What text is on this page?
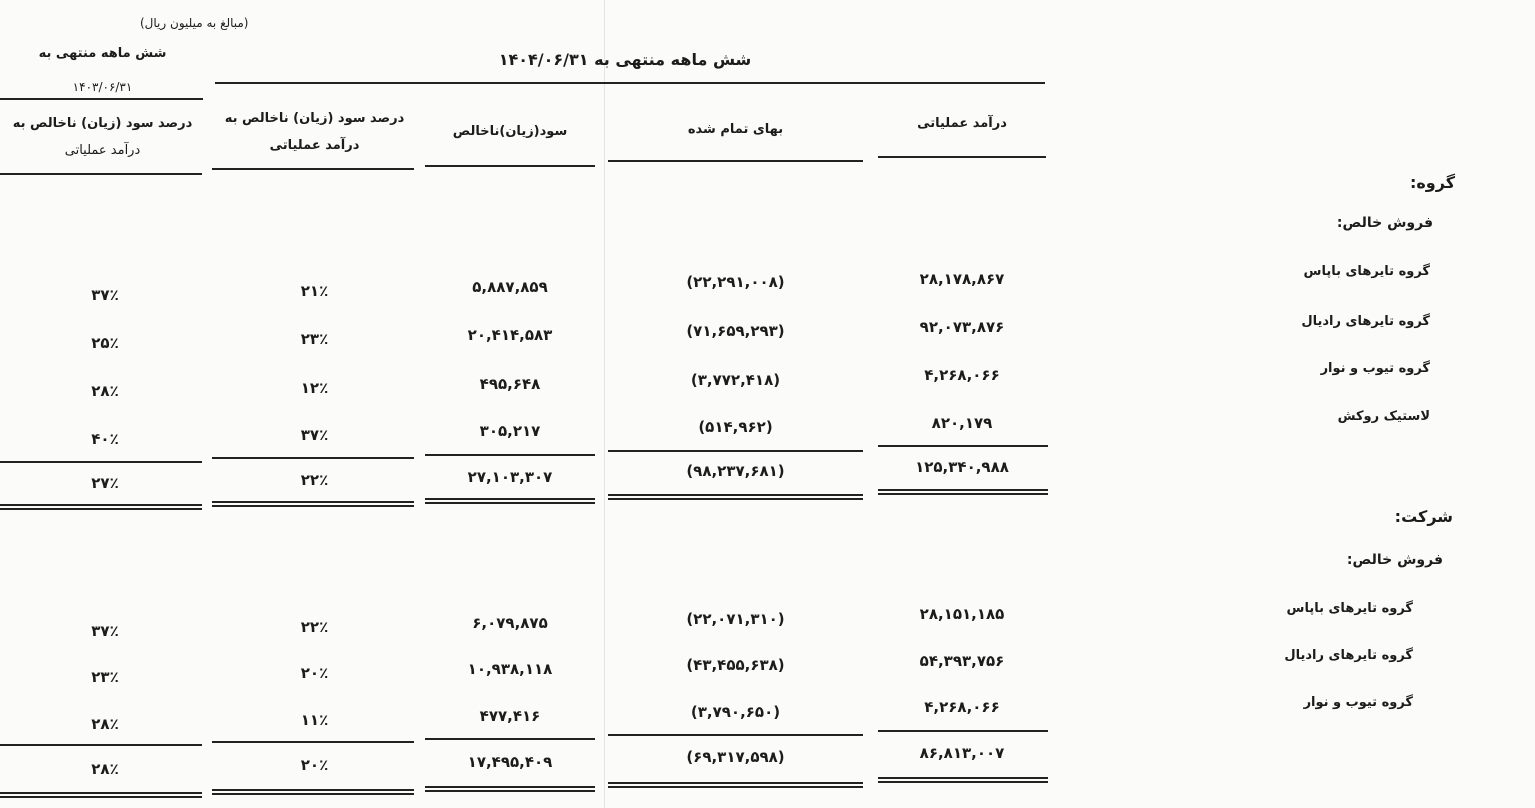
(مبالغ به میلیون ریال)
شش ماهه منتهی به
۱۴۰۳/۰۶/۳۱
شش ماهه منتهی به ۱۴۰۴/۰۶/۳۱
درصد سود (زیان) ناخالص به
درآمد عملیاتی
درصد سود (زیان) ناخالص به
درآمد عملیاتی
سود(زیان)ناخالص	بهای تمام شده	درآمد عملیاتی
گروه:
فروش خالص:
گروه تایرهای باپاس
۲۸,۱۷۸,۸۶۷
(۲۲,۲۹۱,۰۰۸)
۵,۸۸۷,۸۵۹
۲۱٪
۳۷٪
گروه تایرهای رادیال
۹۲,۰۷۳,۸۷۶
(۷۱,۶۵۹,۲۹۳)
۲۰,۴۱۴,۵۸۳
۲۳٪
۲۵٪
گروه تیوب و نوار
۴,۲۶۸,۰۶۶
(۳,۷۷۲,۴۱۸)
۴۹۵,۶۴۸
۱۲٪
۲۸٪
لاستیک روکش
۸۲۰,۱۷۹
(۵۱۴,۹۶۲)
۳۰۵,۲۱۷
۳۷٪
۴۰٪
۱۲۵,۳۴۰,۹۸۸
(۹۸,۲۳۷,۶۸۱)
۲۷,۱۰۳,۳۰۷
۲۲٪
۲۷٪
شرکت:
فروش خالص:
گروه تایرهای باپاس
۲۸,۱۵۱,۱۸۵
(۲۲,۰۷۱,۳۱۰)
۶,۰۷۹,۸۷۵
۲۲٪
۳۷٪
گروه تایرهای رادیال
۵۴,۳۹۳,۷۵۶
(۴۳,۴۵۵,۶۳۸)
۱۰,۹۳۸,۱۱۸
۲۰٪
۲۳٪
گروه تیوب و نوار
۴,۲۶۸,۰۶۶
(۳,۷۹۰,۶۵۰)
۴۷۷,۴۱۶
۱۱٪
۲۸٪
۸۶,۸۱۳,۰۰۷
(۶۹,۳۱۷,۵۹۸)
۱۷,۴۹۵,۴۰۹
۲۰٪
۲۸٪
